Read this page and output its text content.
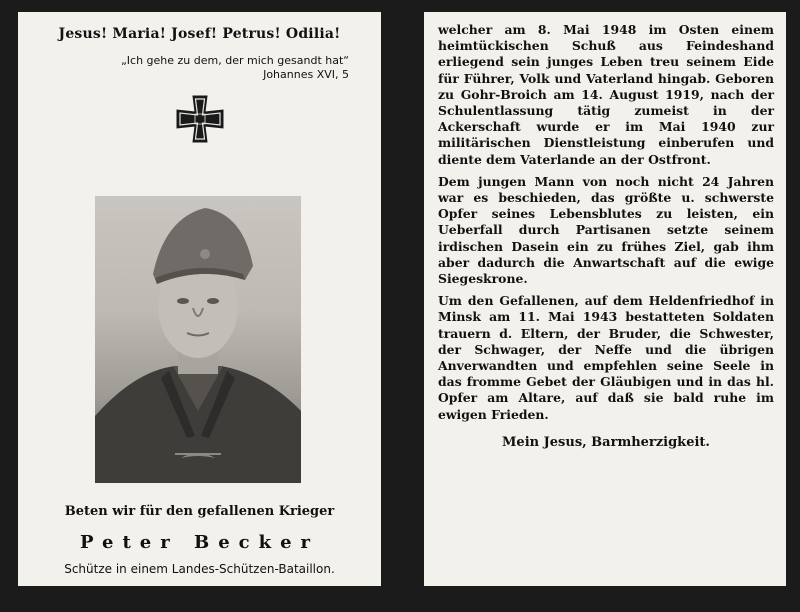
Jesus! Maria! Josef! Petrus! Odilia!
„Ich gehe zu dem, der mich gesandt hat“
Johannes XVI, 5
Beten wir für den gefallenen Krieger
Peter Becker
Schütze in einem Landes-Schützen-Bataillon.

welcher am 8. Mai 1948 im Osten einem heimtückischen Schuß aus Feindeshand erliegend sein junges Leben treu seinem Eide für Führer, Volk und Vaterland hingab. Geboren zu Gohr-Broich am 14. August 1919, nach der Schulentlassung tätig zumeist in der Ackerschaft wurde er im Mai 1940 zur militärischen Dienstleistung einberufen und diente dem Vaterlande an der Ostfront.

Dem jungen Mann von noch nicht 24 Jahren war es beschieden, das größte u. schwerste Opfer seines Lebensblutes zu leisten, ein Ueberfall durch Partisanen setzte seinem irdischen Dasein ein zu frühes Ziel, gab ihm aber dadurch die Anwartschaft auf die ewige Siegeskrone.

Um den Gefallenen, auf dem Heldenfriedhof in Minsk am 11. Mai 1943 bestatteten Soldaten trauern d. Eltern, der Bruder, die Schwester, der Schwager, der Neffe und die übrigen Anverwandten und empfehlen seine Seele in das fromme Gebet der Gläubigen und in das hl. Opfer am Altare, auf daß sie bald ruhe im ewigen Frieden.

Mein Jesus, Barmherzigkeit.
